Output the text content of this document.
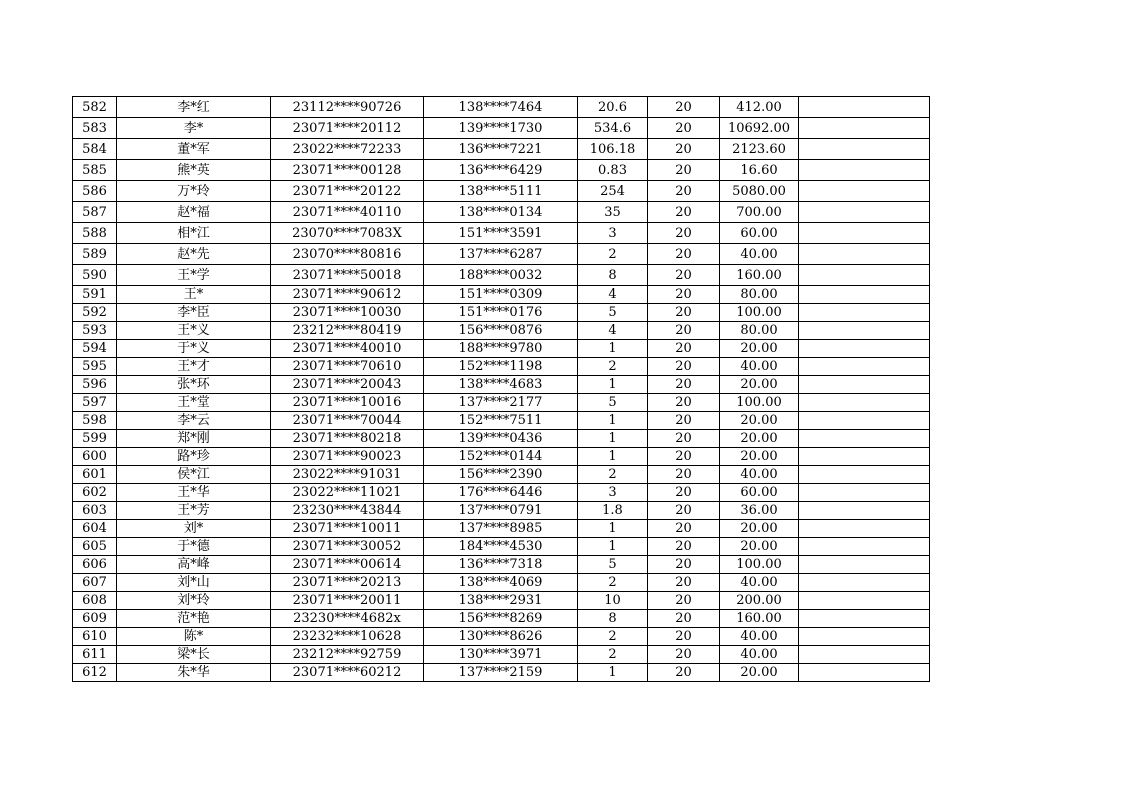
582	李*红	23112****90726	138****7464	20.6	20	412.00	
583	李*	23071****20112	139****1730	534.6	20	10692.00	
584	董*军	23022****72233	136****7221	106.18	20	2123.60	
585	熊*英	23071****00128	136****6429	0.83	20	16.60	
586	万*玲	23071****20122	138****5111	254	20	5080.00	
587	赵*福	23071****40110	138****0134	35	20	700.00	
588	相*江	23070****7083X	151****3591	3	20	60.00	
589	赵*先	23070****80816	137****6287	2	20	40.00	
590	王*学	23071****50018	188****0032	8	20	160.00	
591	王*	23071****90612	151****0309	4	20	80.00	
592	李*臣	23071****10030	151****0176	5	20	100.00	
593	王*义	23212****80419	156****0876	4	20	80.00	
594	于*义	23071****40010	188****9780	1	20	20.00	
595	王*才	23071****70610	152****1198	2	20	40.00	
596	张*环	23071****20043	138****4683	1	20	20.00	
597	王*堂	23071****10016	137****2177	5	20	100.00	
598	李*云	23071****70044	152****7511	1	20	20.00	
599	郑*刚	23071****80218	139****0436	1	20	20.00	
600	路*珍	23071****90023	152****0144	1	20	20.00	
601	侯*江	23022****91031	156****2390	2	20	40.00	
602	王*华	23022****11021	176****6446	3	20	60.00	
603	王*芳	23230****43844	137****0791	1.8	20	36.00	
604	刘*	23071****10011	137****8985	1	20	20.00	
605	于*德	23071****30052	184****4530	1	20	20.00	
606	高*峰	23071****00614	136****7318	5	20	100.00	
607	刘*山	23071****20213	138****4069	2	20	40.00	
608	刘*玲	23071****20011	138****2931	10	20	200.00	
609	范*艳	23230****4682x	156****8269	8	20	160.00	
610	陈*	23232****10628	130****8626	2	20	40.00	
611	梁*长	23212****92759	130****3971	2	20	40.00	
612	朱*华	23071****60212	137****2159	1	20	20.00	
